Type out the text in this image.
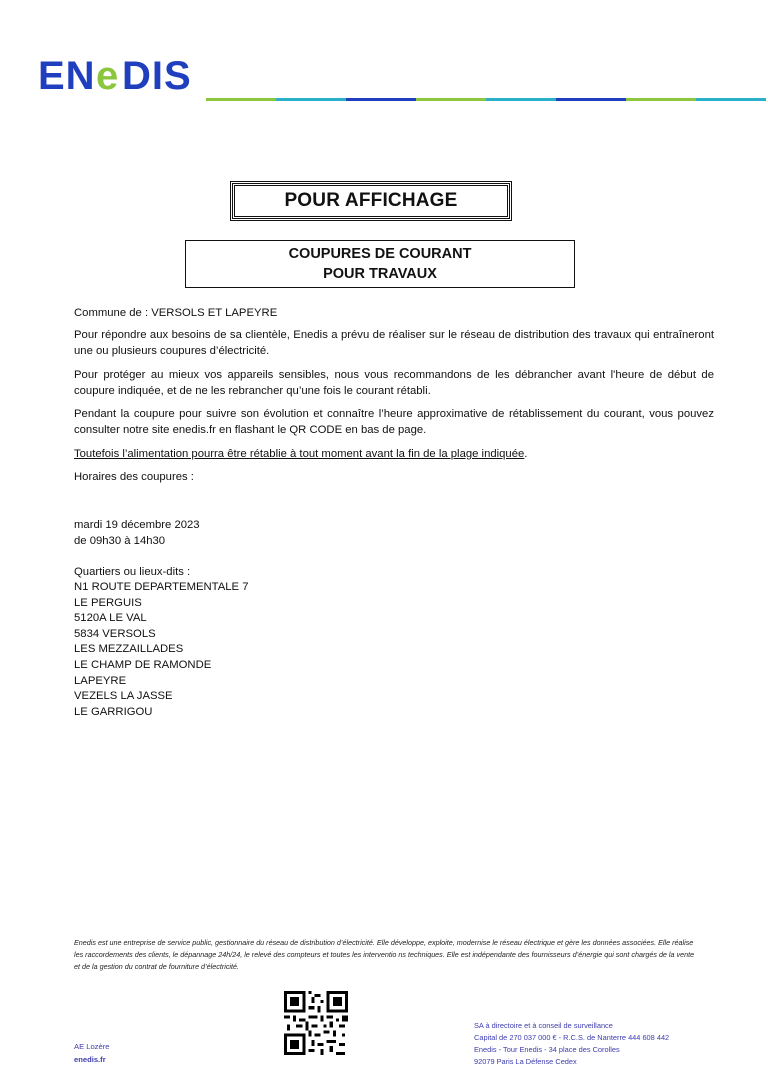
EN e DIS
POUR AFFICHAGE
COUPURES DE COURANT
POUR TRAVAUX
Commune de : VERSOLS ET LAPEYRE
Pour répondre aux besoins de sa clientèle, Enedis a prévu de réaliser sur le réseau de distribution des travaux qui entraîneront une ou plusieurs coupures d’électricité.
Pour protéger au mieux vos appareils sensibles, nous vous recommandons de les débrancher avant l'heure de début de coupure indiquée, et de ne les rebrancher qu’une fois le courant rétabli.
Pendant la coupure pour suivre son évolution et connaître l’heure approximative de rétablissement du courant, vous pouvez consulter notre site enedis.fr en flashant le QR CODE en bas de page.
Toutefois l’alimentation pourra être rétablie à tout moment avant la fin de la plage indiquée.
Horaires des coupures :
mardi 19 décembre 2023
de 09h30 à 14h30
Quartiers ou lieux-dits :
N1 ROUTE DEPARTEMENTALE 7
LE PERGUIS
5120A LE VAL
5834 VERSOLS
LES MEZZAILLADES
LE CHAMP DE RAMONDE
LAPEYRE
VEZELS LA JASSE
LE GARRIGOU
Enedis est une entreprise de service public, gestionnaire du réseau de distribution d’électricité. Elle développe, exploite, modernise le réseau électrique et gère les données associées. Elle réalise les raccordements des clients, le dépannage 24h/24, le relevé des compteurs et toutes les interventio ns techniques. Elle est indépendante des fournisseurs d’énergie qui sont chargés de la vente et de la gestion du contrat de fourniture d’électricité.
AE Lozère
enedis.fr
SA à directoire et à conseil de surveillance
Capital de 270 037 000 € - R.C.S. de Nanterre 444 608 442
Enedis - Tour Enedis - 34 place des Corolles
92079 Paris La Défense Cedex
